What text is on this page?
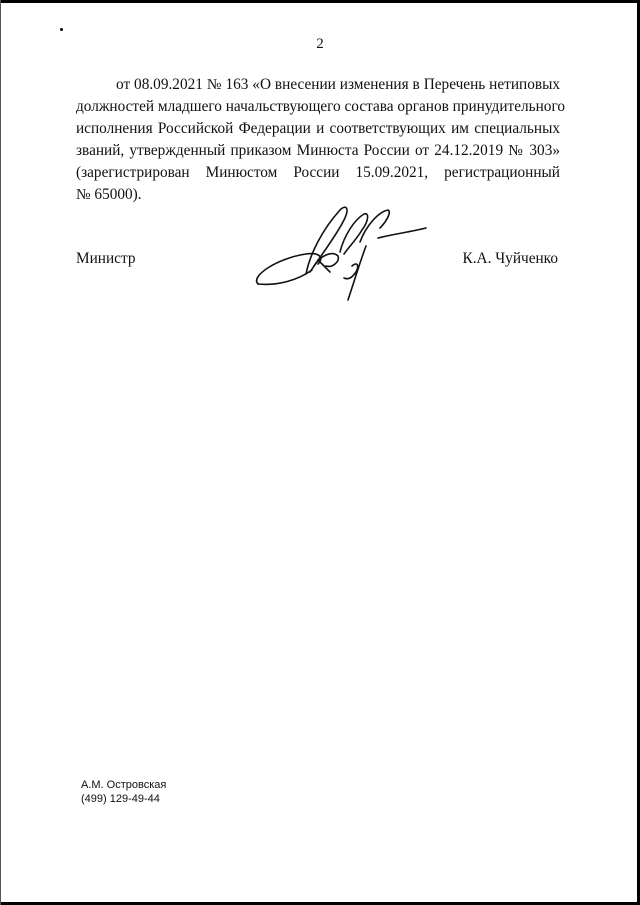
2
от 08.09.2021 № 163 «О внесении изменения в Перечень нетиповых
должностей младшего начальствующего состава органов принудительного
исполнения Российской Федерации и соответствующих им специальных
званий, утвержденный приказом Минюста России от 24.12.2019 № 303»
(зарегистрирован Минюстом России 15.09.2021, регистрационный
№ 65000).
Министр	К.А. Чуйченко
А.М. Островская
(499) 129-49-44
